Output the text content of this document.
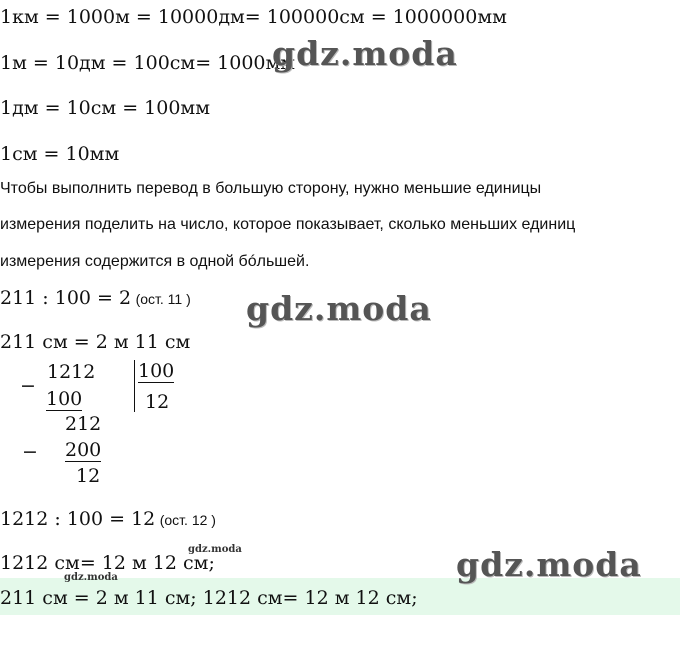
1км = 1000м = 10000дм= 100000см = 1000000мм
1м = 10дм = 100см= 1000мм
1дм = 10см = 100мм
1см = 10мм
Чтобы выполнить перевод в большую сторону, нужно меньшие единицы
измерения поделить на число, которое показывает, сколько меньших единиц
измерения содержится в одной бóльшей.
211 : 100 = 2 (ост. 11 )
211 см = 2 м 11 см
−
1212 100
12
100
212
− 200
12
1212 : 100 = 12 (ост. 12 )
1212 см= 12 м 12 см;
211 см = 2 м 11 см; 1212 см= 12 м 12 см;
gdz.moda
gdz.moda
gdz.moda
gdz.moda
gdz.moda
